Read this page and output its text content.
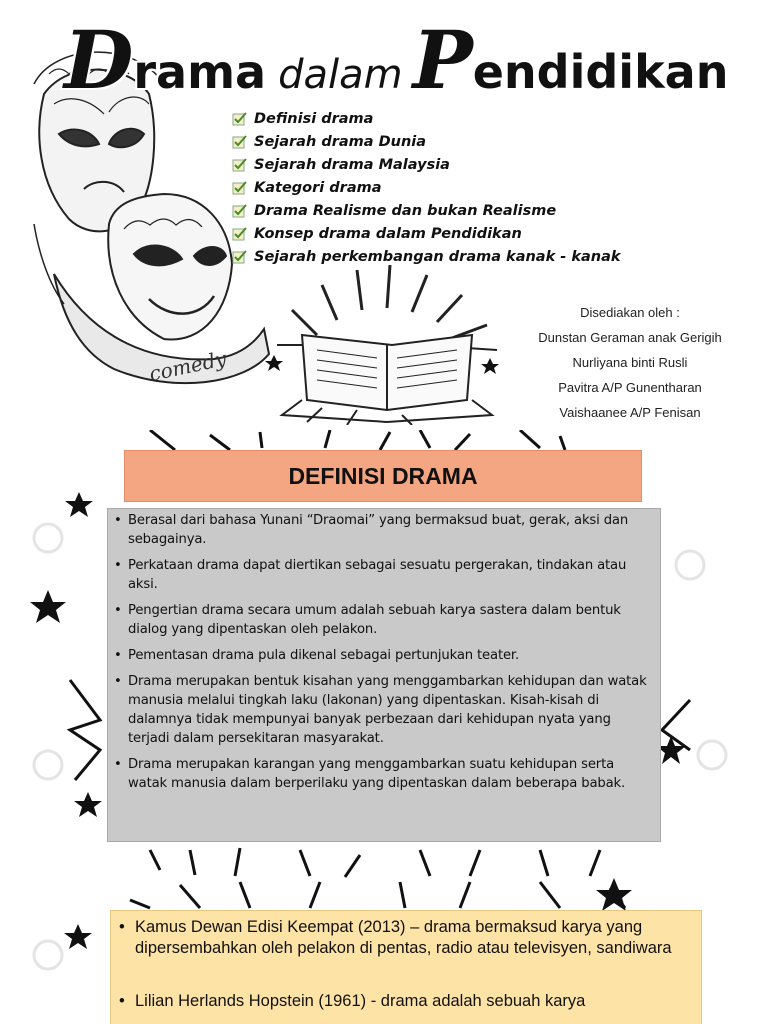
comedy
Drama dalam Pendidikan
Definisi drama
Sejarah drama Dunia
Sejarah drama Malaysia
Kategori drama
Drama Realisme dan bukan Realisme
Konsep drama dalam Pendidikan
Sejarah perkembangan drama kanak - kanak
Disediakan oleh :
Dunstan Geraman anak Gerigih
Nurliyana binti Rusli
Pavitra A/P Gunentharan
Vaishaanee A/P Fenisan
DEFINISI DRAMA
• Berasal dari bahasa Yunani “Draomai” yang bermaksud buat, gerak, aksi dan sebagainya.
• Perkataan drama dapat diertikan sebagai sesuatu pergerakan, tindakan atau aksi.
• Pengertian drama secara umum adalah sebuah karya sastera dalam bentuk dialog yang dipentaskan oleh pelakon.
• Pementasan drama pula dikenal sebagai pertunjukan teater.
• Drama merupakan bentuk kisahan yang menggambarkan kehidupan dan watak manusia melalui tingkah laku (lakonan) yang dipentaskan. Kisah-kisah di dalamnya tidak mempunyai banyak perbezaan dari kehidupan nyata yang terjadi dalam persekitaran masyarakat.
• Drama merupakan karangan yang menggambarkan suatu kehidupan serta watak manusia dalam berperilaku yang dipentaskan dalam beberapa babak.
• Kamus Dewan Edisi Keempat (2013) – drama bermaksud karya yang dipersembahkan oleh pelakon di pentas, radio atau televisyen, sandiwara
• Lilian Herlands Hopstein (1961) - drama adalah sebuah karya
